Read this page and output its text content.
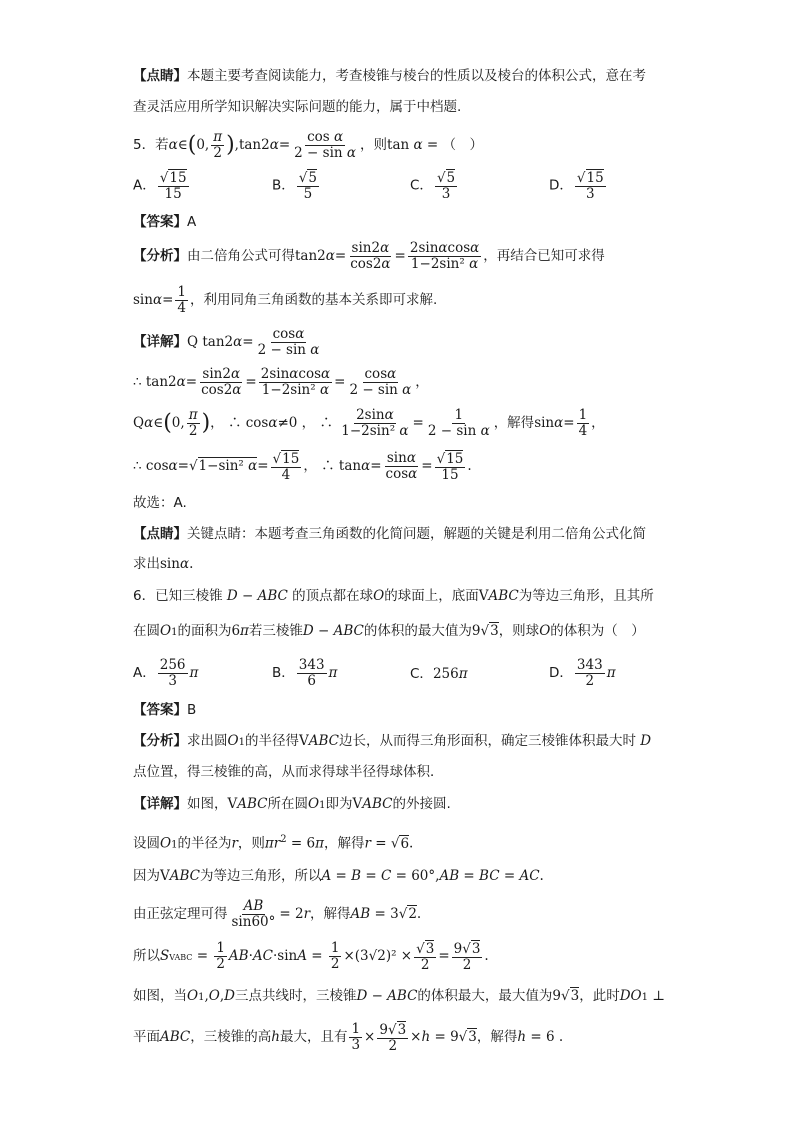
【点睛】本题主要考查阅读能力，考查棱锥与棱台的性质以及棱台的体积公式，意在考
查灵活应用所学知识解决实际问题的能力，属于中档题.
5．若α∈(0, $\frac{\pi}{2} ),\tan 2\alpha= \frac{\text{cos α}}{\text{2 − sin α}}$ ，则tan α = （　）
A． $\frac{√15}{15}$	B． $\frac{√5}{5}$	C． $\frac{√5}{3}$	D． $\frac{√15}{3}$
【答案】A
【分析】由二倍角公式可得$\tan 2\alpha= \frac{\sin 2\alpha}{\cos 2\alpha} = \frac{2\sin\alpha\cos\alpha}{\text{1−2sin² α}}$ ，再结合已知可求得
$\sin\alpha= \frac{1}{4}$ ，利用同角三角函数的基本关系即可求解.
【详解】Q $\tan 2\alpha= \frac{\cos\alpha}{\text{2 − sin α}}$
∴ $\tan 2\alpha= \frac{\sin 2\alpha}{\cos 2\alpha} = \frac{2\sin\alpha\cos\alpha}{\text{1−2sin² α}} = \frac{\cos\alpha}{\text{2 − sin α}}$ ，
Qα∈(0, $\frac{\pi}{2}$ )， ∴ cosα≠0 ， ∴ $\frac{2\sin\alpha}{\text{1−2sin² α}} = \frac{1}{\text{2 − sin α}}$ ，解得$\sin\alpha= \frac{1}{4}$ ，
∴ cosα=√1−sin² $\alpha= \frac{√15}{4}$ ， ∴ $\tan\alpha= \frac{\sin\alpha}{\cos\alpha} = \frac{√15}{15}$ .
故选：A.
【点睛】关键点睛：本题考查三角函数的化简问题，解题的关键是利用二倍角公式化简
求出sinα.
6．已知三棱锥 D − ABC 的顶点都在球O的球面上，底面VABC为等边三角形，且其所
在圆O1的面积为6π若三棱锥D − ABC的体积的最大值为9√3，则球O的体积为（　）
A． $\frac{256}{3}$ π	B． $\frac{343}{6}$ π	C．256π	D． $\frac{343}{2}$ π
【答案】B
【分析】求出圆O1的半径得VABC边长，从而得三角形面积，确定三棱锥体积最大时 D
点位置，得三棱锥的高，从而求得球半径得球体积．
【详解】如图，VABC所在圆O1即为VABC的外接圆.
设圆O1的半径为r，则$\pi r^2 = 6\pi$，解得r = √6.
因为VABC为等边三角形，所以A = B = C = 60°,AB = BC = AC.
由正弦定理可得 $\frac{AB}{\sin 60^\circ} = 2r$，解得AB = 3√2.
所以SVABC = $\frac{1}{2} AB\cdot AC\cdot\sin A = \frac{1}{2} \times(3√2)^2 \times \frac{√3}{2} = \frac{9√3}{2}$ .
如图，当O1,O,D三点共线时，三棱锥D − ABC的体积最大，最大值为9√3，此时DO1 ⊥
平面ABC，三棱锥的高h最大，且有 $\frac{1}{3} \times \frac{9√3}{2} \times h = 9√3$，解得h = 6 .
